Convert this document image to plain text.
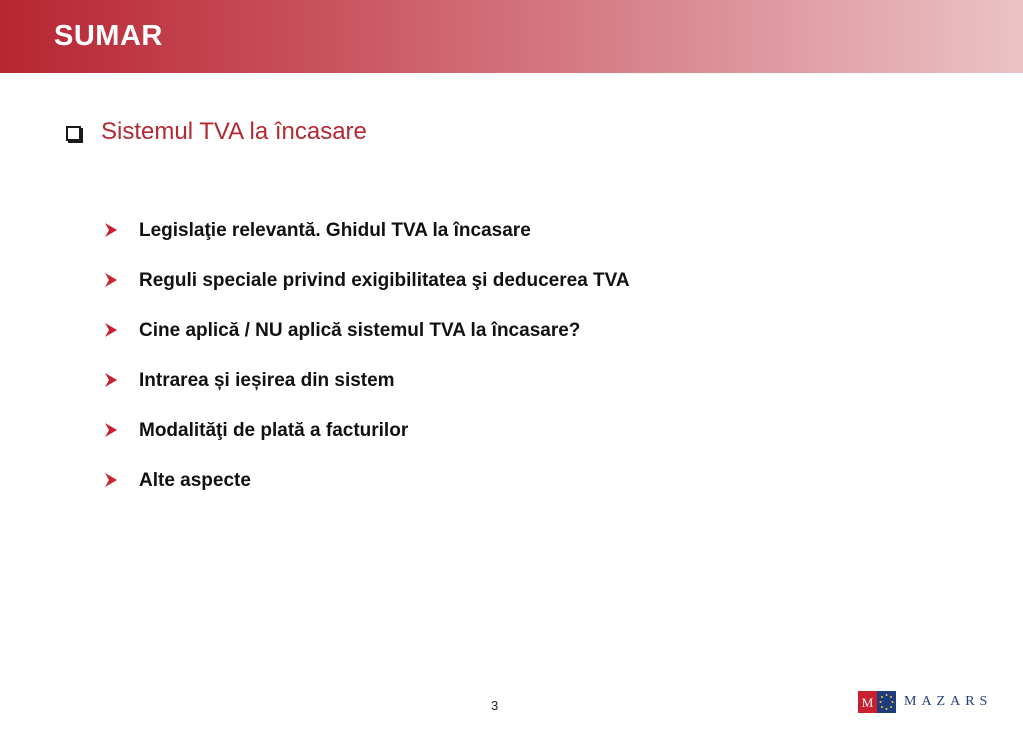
SUMAR
Sistemul TVA la încasare
Legislaţie relevantă. Ghidul TVA la încasare
Reguli speciale privind exigibilitatea şi deducerea TVA
Cine aplică / NU aplică sistemul TVA la încasare?
Intrarea și ieșirea din sistem
Modalităţi de plată a facturilor
Alte aspecte
3	M MAZARS
